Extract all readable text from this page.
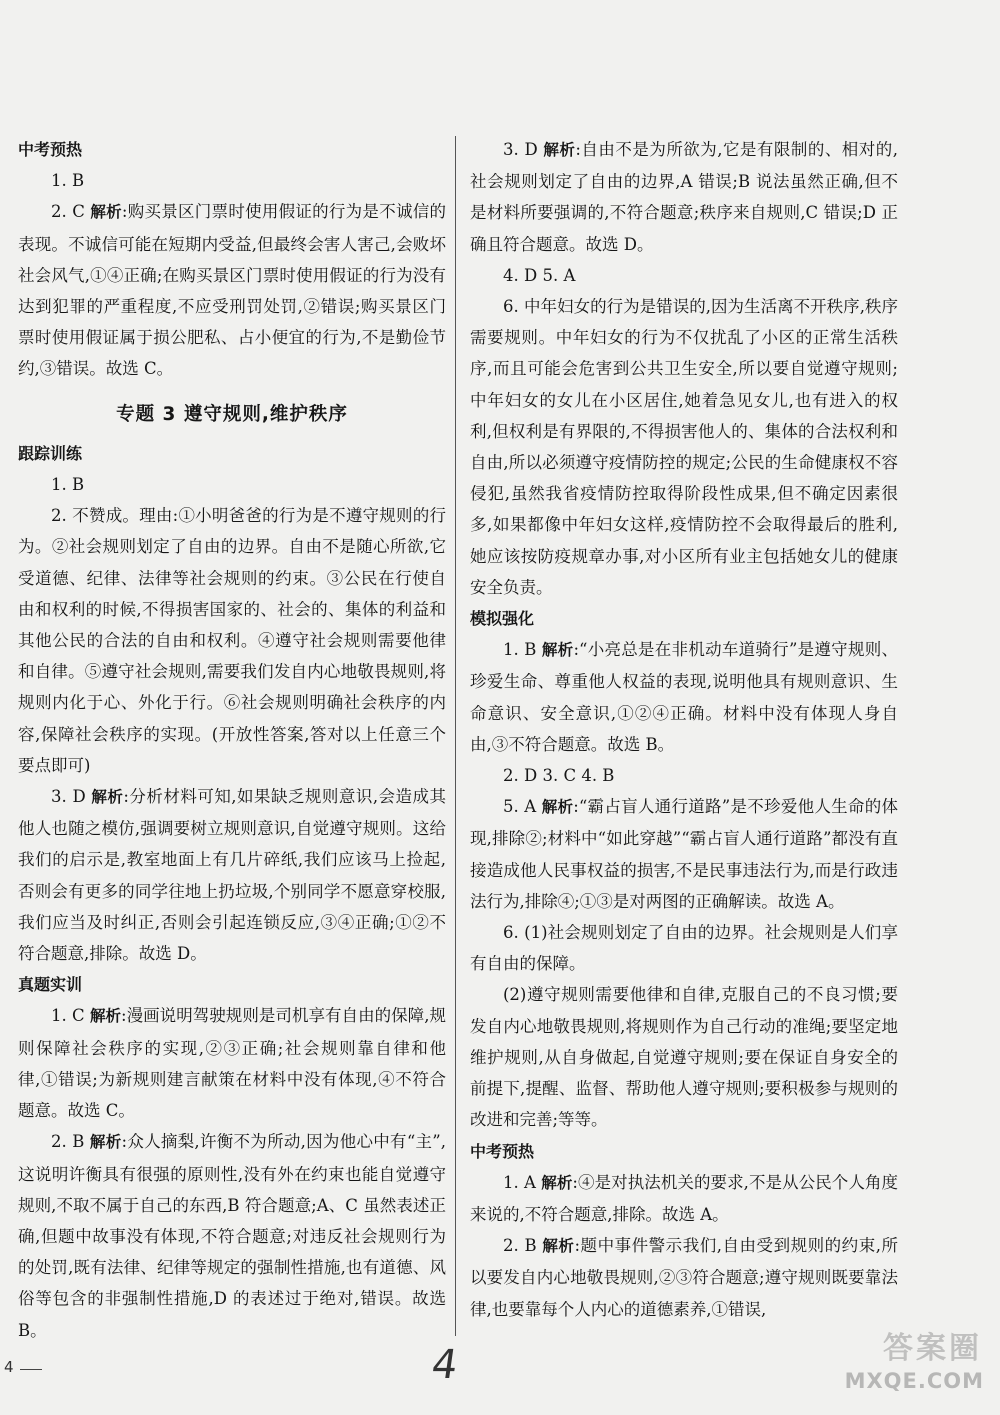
中考预热

1. B

2. C 解析:购买景区门票时使用假证的行为是不诚信的表现。不诚信可能在短期内受益,但最终会害人害己,会败坏社会风气,①④正确;在购买景区门票时使用假证的行为没有达到犯罪的严重程度,不应受刑罚处罚,②错误;购买景区门票时使用假证属于损公肥私、占小便宜的行为,不是勤俭节约,③错误。故选 C。

专题 3 遵守规则,维护秩序

跟踪训练

1. B

2. 不赞成。理由:①小明爸爸的行为是不遵守规则的行为。②社会规则划定了自由的边界。自由不是随心所欲,它受道德、纪律、法律等社会规则的约束。③公民在行使自由和权利的时候,不得损害国家的、社会的、集体的利益和其他公民的合法的自由和权利。④遵守社会规则需要他律和自律。⑤遵守社会规则,需要我们发自内心地敬畏规则,将规则内化于心、外化于行。⑥社会规则明确社会秩序的内容,保障社会秩序的实现。(开放性答案,答对以上任意三个要点即可)

3. D 解析:分析材料可知,如果缺乏规则意识,会造成其他人也随之模仿,强调要树立规则意识,自觉遵守规则。这给我们的启示是,教室地面上有几片碎纸,我们应该马上捡起,否则会有更多的同学往地上扔垃圾,个别同学不愿意穿校服,我们应当及时纠正,否则会引起连锁反应,③④正确;①②不符合题意,排除。故选 D。

真题实训

1. C 解析:漫画说明驾驶规则是司机享有自由的保障,规则保障社会秩序的实现,②③正确;社会规则靠自律和他律,①错误;为新规则建言献策在材料中没有体现,④不符合题意。故选 C。

2. B 解析:众人摘梨,许衡不为所动,因为他心中有“主”,这说明许衡具有很强的原则性,没有外在约束也能自觉遵守规则,不取不属于自己的东西,B 符合题意;A、C 虽然表述正确,但题中故事没有体现,不符合题意;对违反社会规则行为的处罚,既有法律、纪律等规定的强制性措施,也有道德、风俗等包含的非强制性措施,D 的表述过于绝对,错误。故选 B。

3. D 解析:自由不是为所欲为,它是有限制的、相对的,社会规则划定了自由的边界,A 错误;B 说法虽然正确,但不是材料所要强调的,不符合题意;秩序来自规则,C 错误;D 正确且符合题意。故选 D。

4. D 5. A

6. 中年妇女的行为是错误的,因为生活离不开秩序,秩序需要规则。中年妇女的行为不仅扰乱了小区的正常生活秩序,而且可能会危害到公共卫生安全,所以要自觉遵守规则;中年妇女的女儿在小区居住,她着急见女儿,也有进入的权利,但权利是有界限的,不得损害他人的、集体的合法权利和自由,所以必须遵守疫情防控的规定;公民的生命健康权不容侵犯,虽然我省疫情防控取得阶段性成果,但不确定因素很多,如果都像中年妇女这样,疫情防控不会取得最后的胜利,她应该按防疫规章办事,对小区所有业主包括她女儿的健康安全负责。

模拟强化

1. B 解析:“小亮总是在非机动车道骑行”是遵守规则、珍爱生命、尊重他人权益的表现,说明他具有规则意识、生命意识、安全意识,①②④正确。材料中没有体现人身自由,③不符合题意。故选 B。

2. D 3. C 4. B

5. A 解析:“霸占盲人通行道路”是不珍爱他人生命的体现,排除②;材料中“如此穿越”“霸占盲人通行道路”都没有直接造成他人民事权益的损害,不是民事违法行为,而是行政违法行为,排除④;①③是对两图的正确解读。故选 A。

6. (1)社会规则划定了自由的边界。社会规则是人们享有自由的保障。

(2)遵守规则需要他律和自律,克服自己的不良习惯;要发自内心地敬畏规则,将规则作为自己行动的准绳;要坚定地维护规则,从自身做起,自觉遵守规则;要在保证自身安全的前提下,提醒、监督、帮助他人遵守规则;要积极参与规则的改进和完善;等等。

中考预热

1. A 解析:④是对执法机关的要求,不是从公民个人角度来说的,不符合题意,排除。故选 A。

2. B 解析:题中事件警示我们,自由受到规则的约束,所以要发自内心地敬畏规则,②③符合题意;遵守规则既要靠法律,也要靠每个人内心的道德素养,①错误,

4	4	答案圈
MXQE.COM
